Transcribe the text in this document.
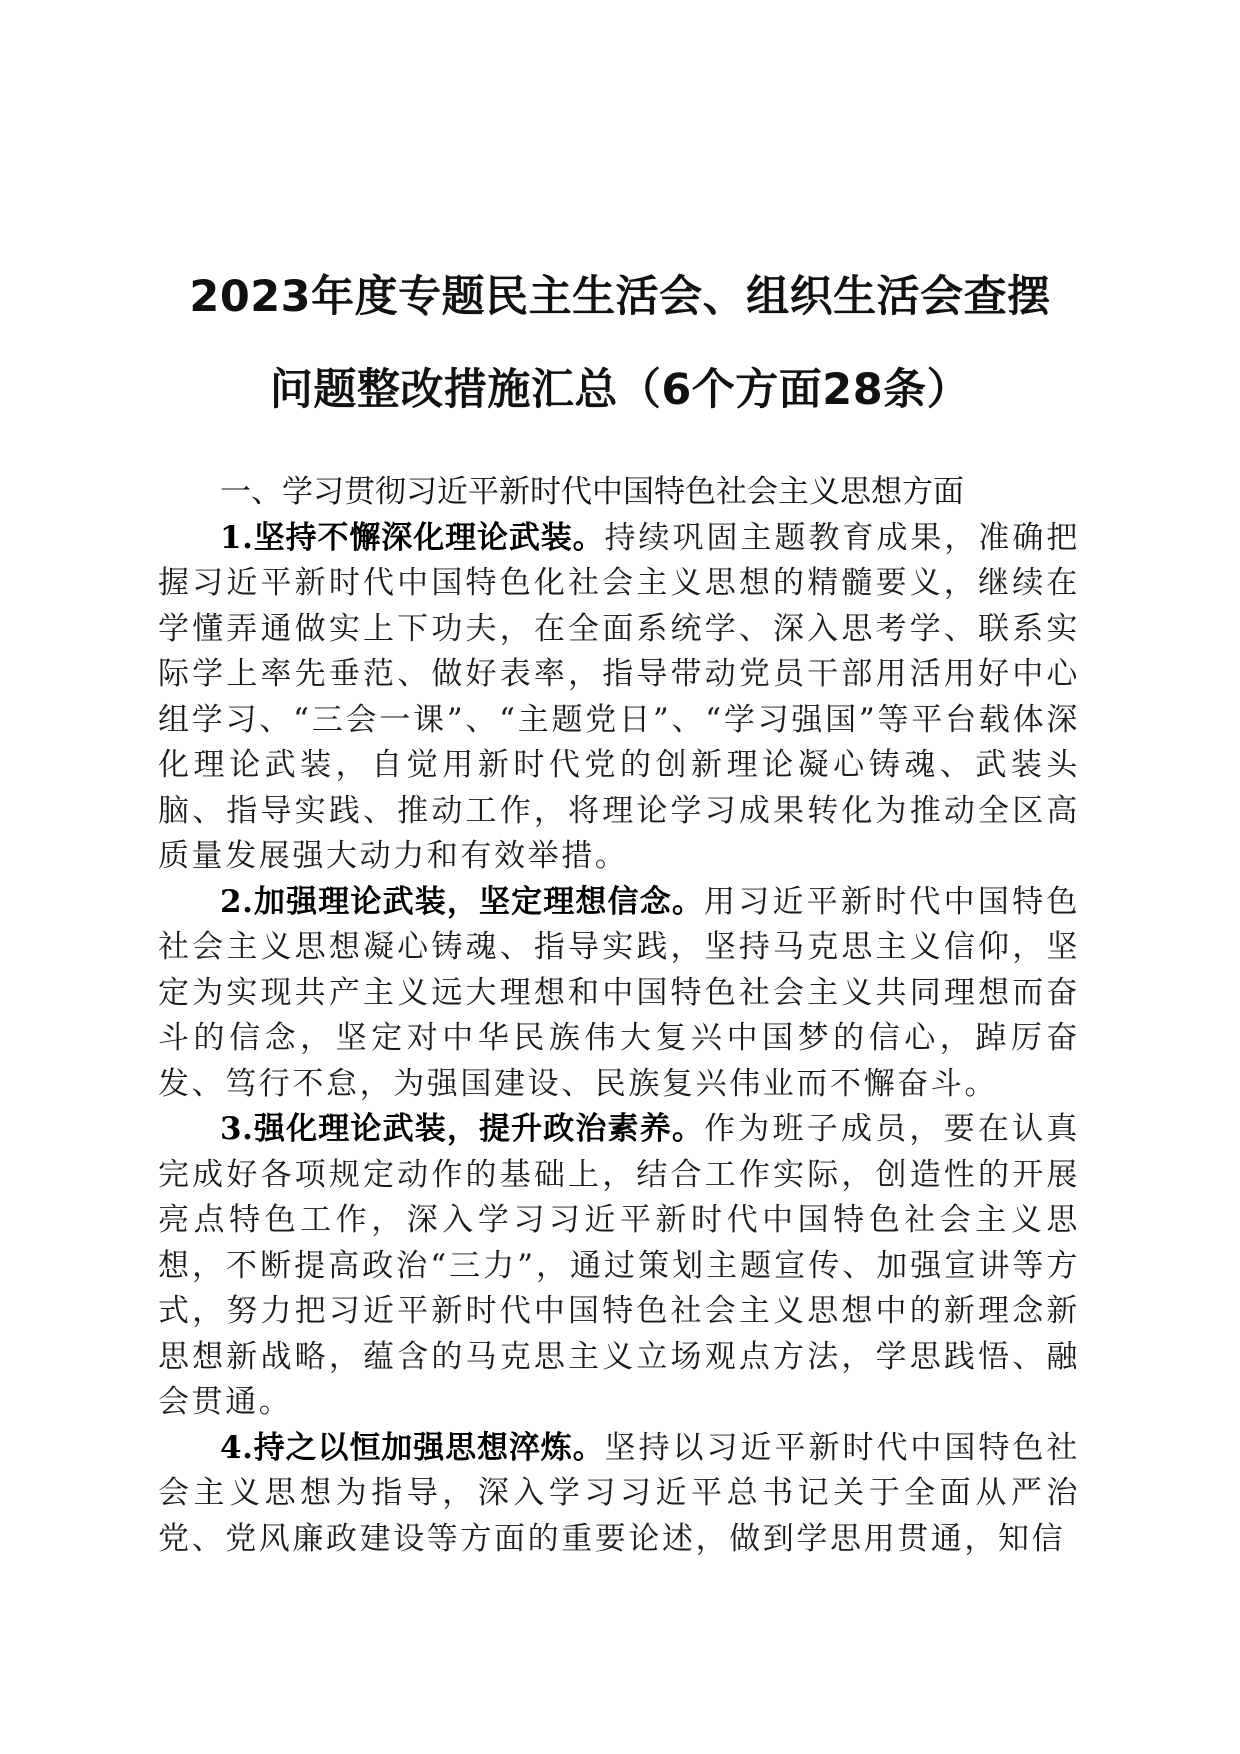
2023年度专题民主生活会、组织生活会查摆
问题整改措施汇总（6个方面28条）

一、学习贯彻习近平新时代中国特色社会主义思想方面

1.坚持不懈深化理论武装。持续巩固主题教育成果，准确把握习近平新时代中国特色化社会主义思想的精髓要义，继续在学懂弄通做实上下功夫，在全面系统学、深入思考学、联系实际学上率先垂范、做好表率，指导带动党员干部用活用好中心组学习、“三会一课”、“主题党日”、“学习强国”等平台载体深化理论武装，自觉用新时代党的创新理论凝心铸魂、武装头脑、指导实践、推动工作，将理论学习成果转化为推动全区高质量发展强大动力和有效举措。

2.加强理论武装，坚定理想信念。用习近平新时代中国特色社会主义思想凝心铸魂、指导实践，坚持马克思主义信仰，坚定为实现共产主义远大理想和中国特色社会主义共同理想而奋斗的信念，坚定对中华民族伟大复兴中国梦的信心，踔厉奋发、笃行不怠，为强国建设、民族复兴伟业而不懈奋斗。

3.强化理论武装，提升政治素养。作为班子成员，要在认真完成好各项规定动作的基础上，结合工作实际，创造性的开展亮点特色工作，深入学习习近平新时代中国特色社会主义思想，不断提高政治“三力”，通过策划主题宣传、加强宣讲等方式，努力把习近平新时代中国特色社会主义思想中的新理念新思想新战略，蕴含的马克思主义立场观点方法，学思践悟、融会贯通。

4.持之以恒加强思想淬炼。坚持以习近平新时代中国特色社会主义思想为指导，深入学习习近平总书记关于全面从严治党、党风廉政建设等方面的重要论述，做到学思用贯通，知信
